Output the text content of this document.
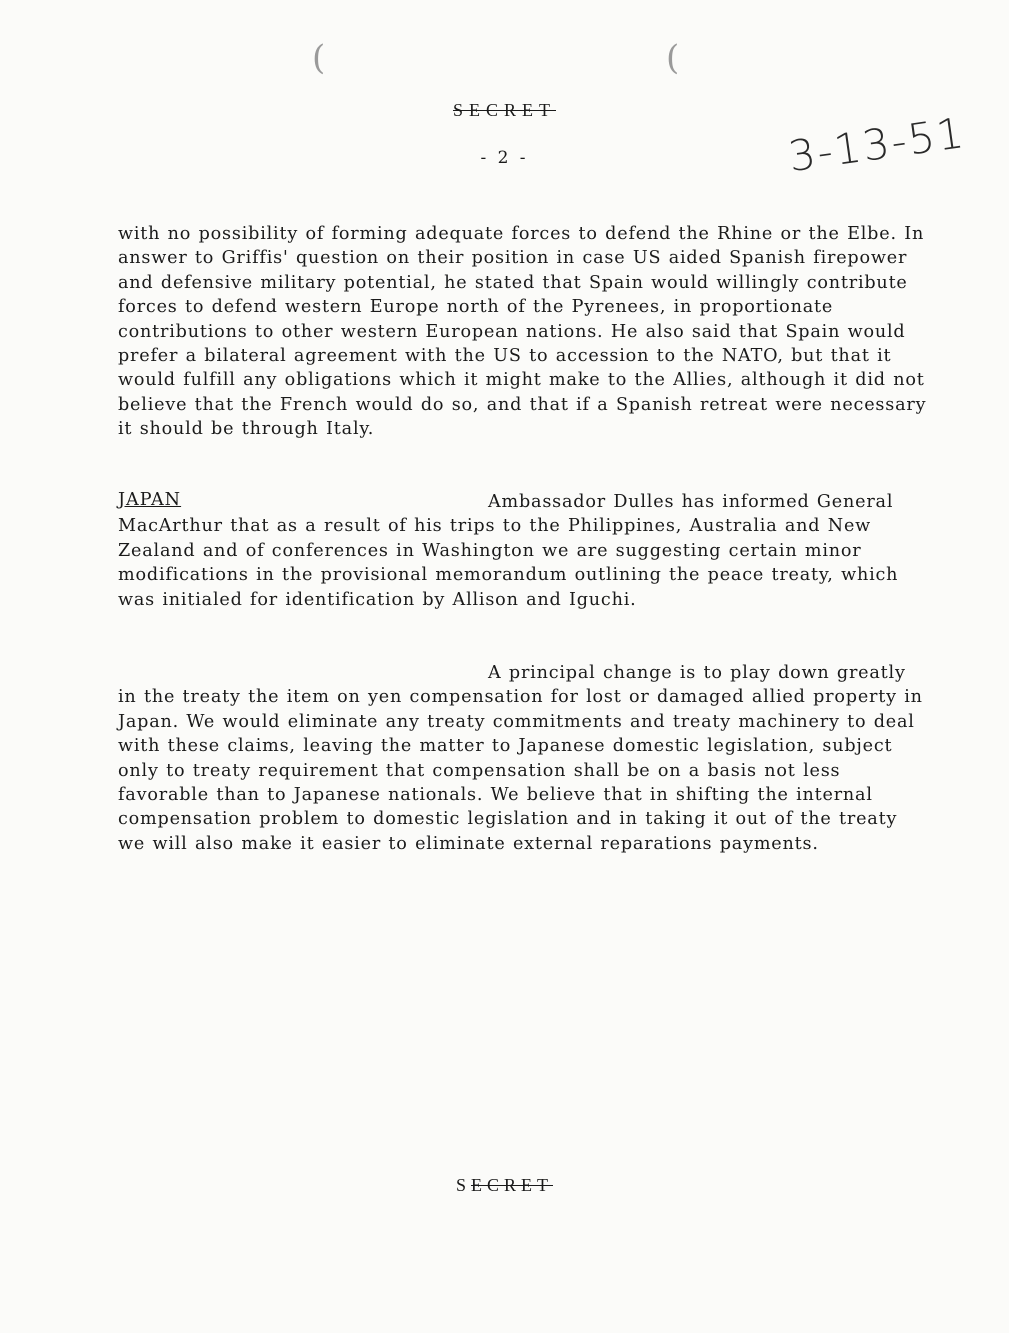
(	(
SECRET
- 2 -	3-13-51
with no possibility of forming adequate forces to defend the Rhine or the Elbe. In answer to Griffis' question on their position in case US aided Spanish firepower and defensive military potential, he stated that Spain would willingly contribute forces to defend western Europe north of the Pyrenees, in proportionate contributions to other western European nations. He also said that Spain would prefer a bilateral agreement with the US to accession to the NATO, but that it would fulfill any obligations which it might make to the Allies, although it did not believe that the French would do so, and that if a Spanish retreat were necessary it should be through Italy.
JAPAN	Ambassador Dulles has informed General MacArthur that as a result of his trips to the Philippines, Australia and New Zealand and of conferences in Washington we are suggesting certain minor modifications in the provisional memorandum outlining the peace treaty, which was initialed for identification by Allison and Iguchi.
A principal change is to play down greatly in the treaty the item on yen compensation for lost or damaged allied property in Japan. We would eliminate any treaty commitments and treaty machinery to deal with these claims, leaving the matter to Japanese domestic legislation, subject only to treaty requirement that compensation shall be on a basis not less favorable than to Japanese nationals. We believe that in shifting the internal compensation problem to domestic legislation and in taking it out of the treaty we will also make it easier to eliminate external reparations payments.
SECRET
